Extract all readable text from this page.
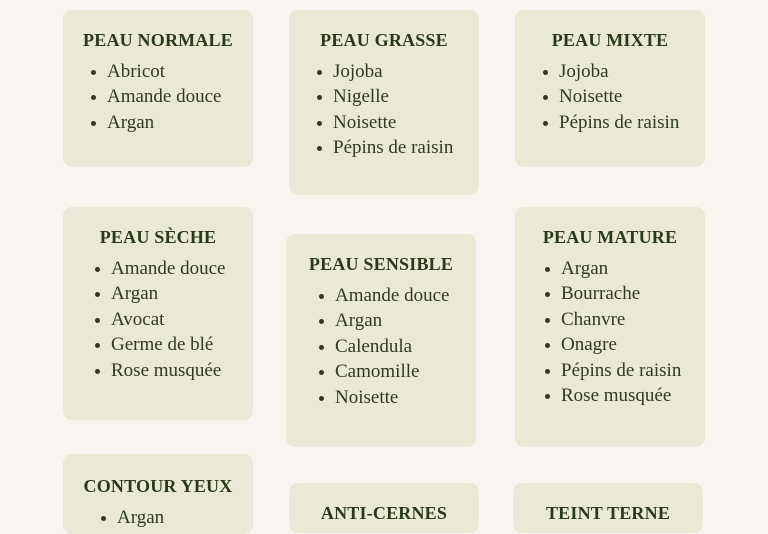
PEAU NORMALE
Abricot
Amande douce
Argan
PEAU GRASSE
Jojoba
Nigelle
Noisette
Pépins de raisin
PEAU MIXTE
Jojoba
Noisette
Pépins de raisin
PEAU SÈCHE
Amande douce
Argan
Avocat
Germe de blé
Rose musquée
PEAU SENSIBLE
Amande douce
Argan
Calendula
Camomille
Noisette
PEAU MATURE
Argan
Bourrache
Chanvre
Onagre
Pépins de raisin
Rose musquée
CONTOUR YEUX
Argan	ANTI-CERNES	TEINT TERNE
